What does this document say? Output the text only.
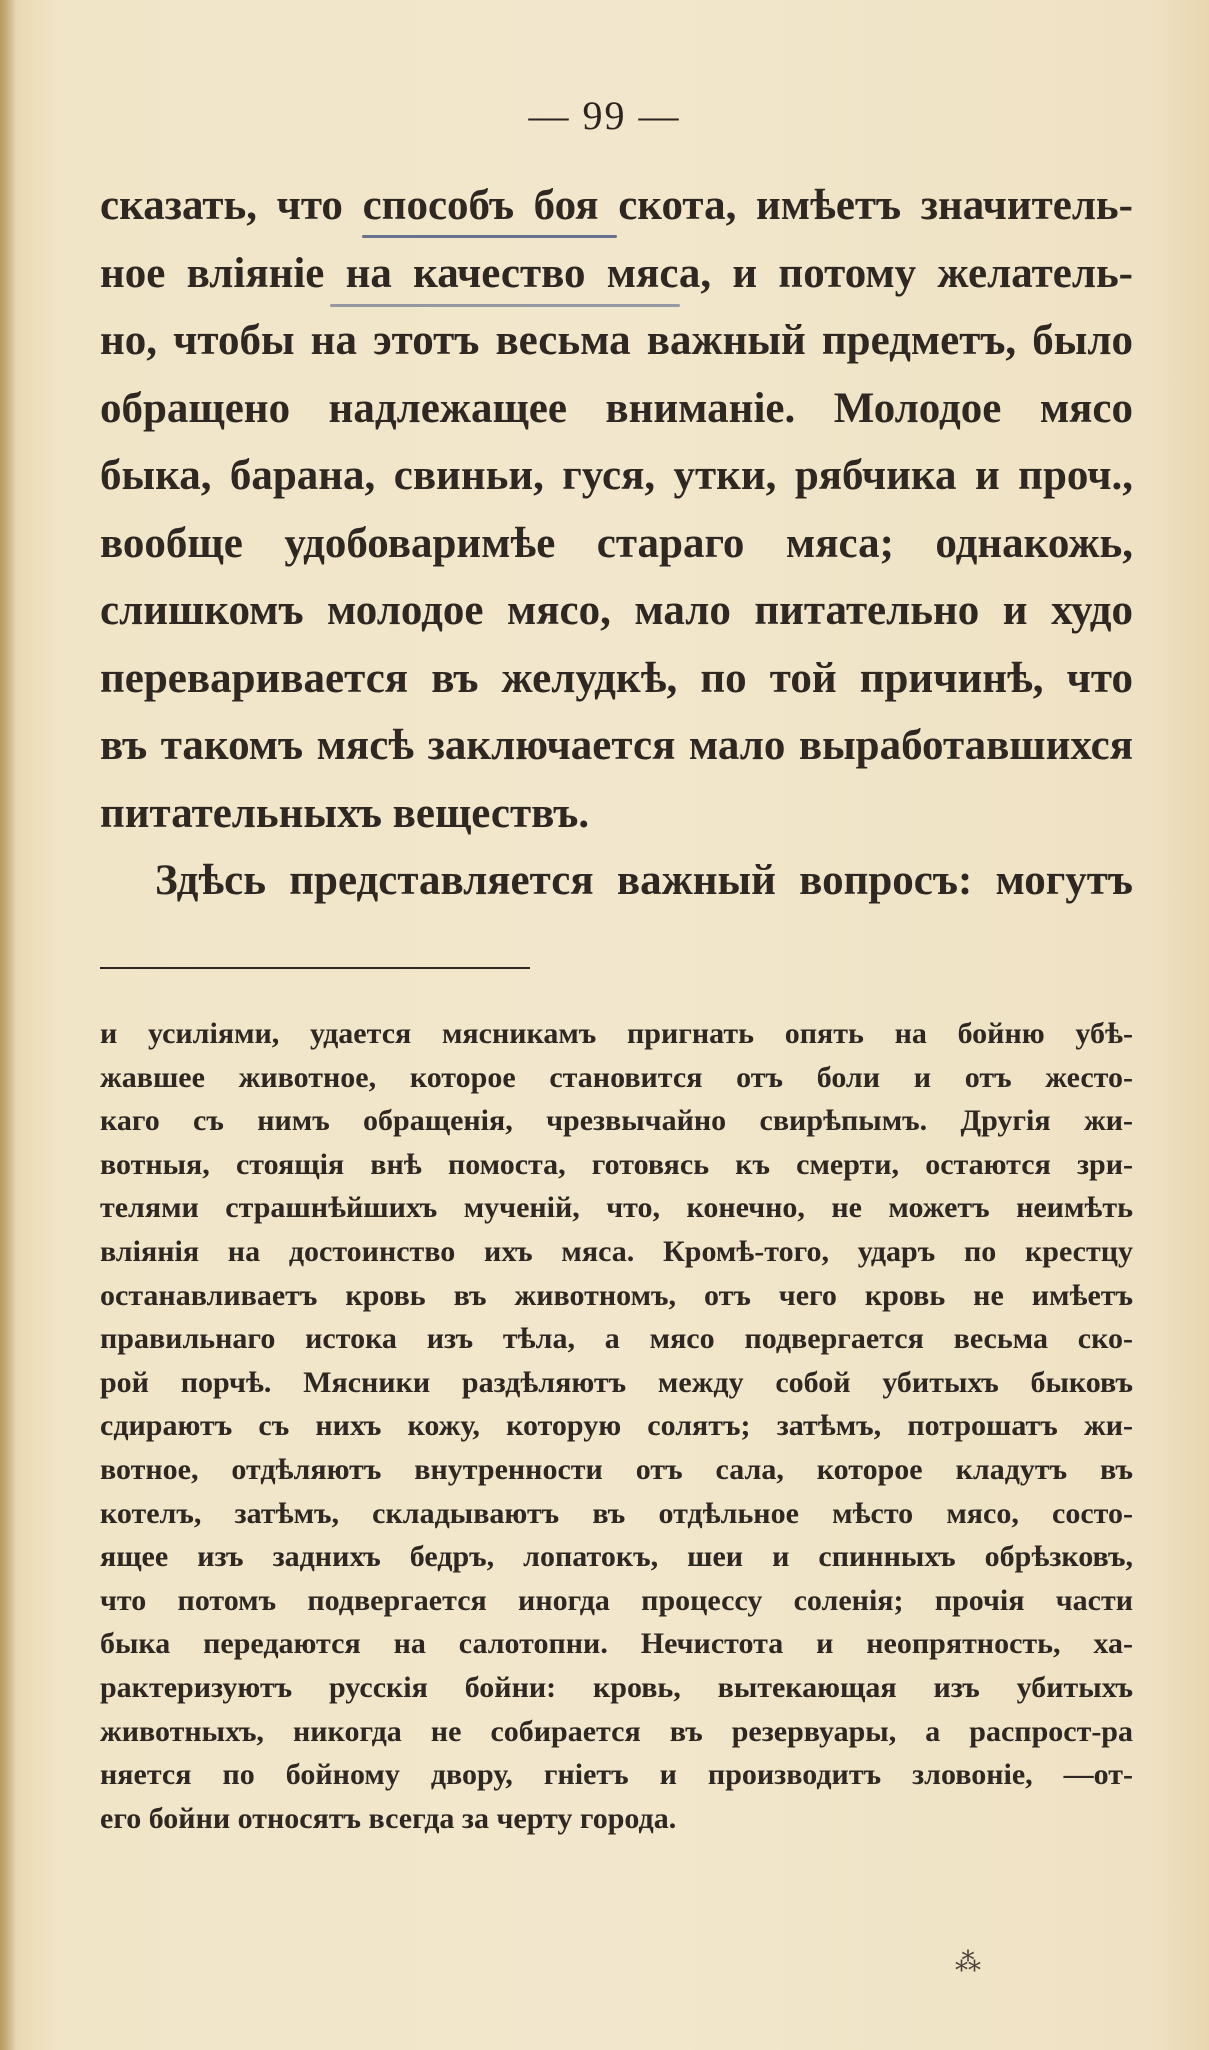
— 99 —
сказать, что способъ боя скота, имѣетъ значитель-
ное вліяніе на качество мяса, и потому желатель-
но, чтобы на этотъ весьма важный предметъ, было
обращено надлежащее вниманіе. Молодое мясо
быка, барана, свиньи, гуся, утки, рябчика и проч.,
вообще удобоваримѣе стараго мяса; однакожь,
слишкомъ молодое мясо, мало питательно и худо
переваривается въ желудкѣ, по той причинѣ, что
въ такомъ мясѣ заключается мало выработавшихся
питательныхъ веществъ.
Здѣсь представляется важный вопросъ: могутъ
и усиліями, удается мясникамъ пригнать опять на бойню убѣ-
жавшее животное, которое становится отъ боли и отъ жесто-
каго съ нимъ обращенія, чрезвычайно свирѣпымъ. Другія жи-
вотныя, стоящія внѣ помоста, готовясь къ смерти, остаются зри-
телями страшнѣйшихъ мученій, что, конечно, не можетъ неимѣть
вліянія на достоинство ихъ мяса. Кромѣ-того, ударъ по крестцу
останавливаетъ кровь въ животномъ, отъ чего кровь не имѣетъ
правильнаго истока изъ тѣла, а мясо подвергается весьма ско-
рой порчѣ. Мясники раздѣляютъ между собой убитыхъ быковъ
сдираютъ съ нихъ кожу, которую солятъ; затѣмъ, потрошатъ жи-
вотное, отдѣляютъ внутренности отъ сала, которое кладутъ въ
котелъ, затѣмъ, складываютъ въ отдѣльное мѣсто мясо, состо-
ящее изъ заднихъ бедръ, лопатокъ, шеи и спинныхъ обрѣзковъ,
что потомъ подвергается иногда процессу соленія; прочія части
быка передаются на салотопни. Нечистота и неопрятность, ха-
рактеризуютъ русскія бойни: кровь, вытекающая изъ убитыхъ
животныхъ, никогда не собирается въ резервуары, а распрост-ра
няется по бойному двору, гніетъ и производитъ зловоніе, —от-
его бойни относятъ всегда за черту города.
⁂
